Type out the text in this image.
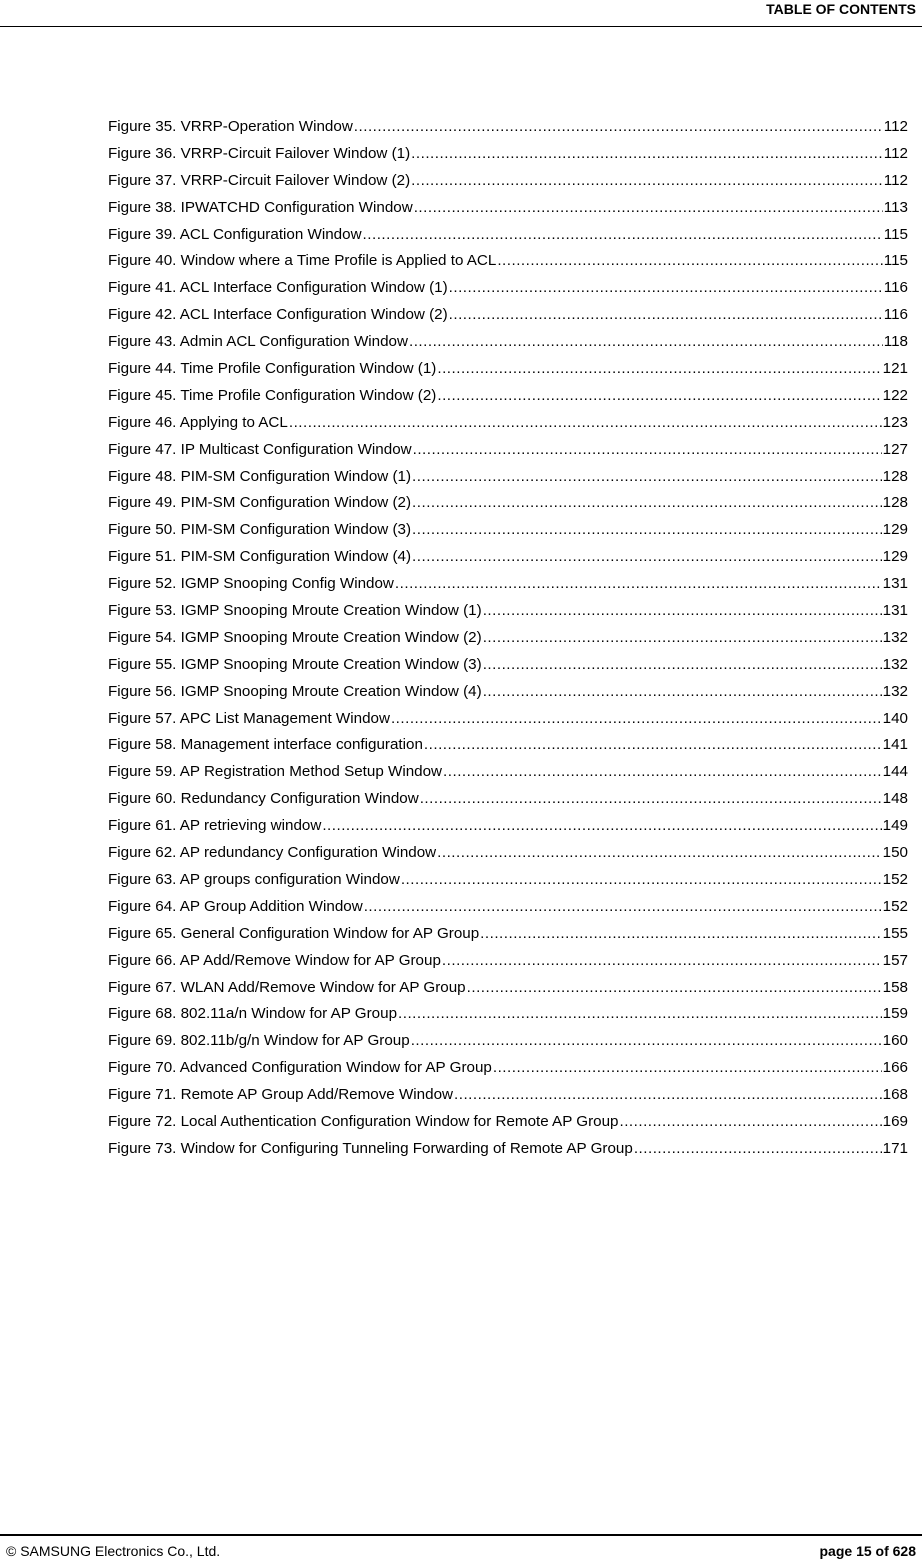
TABLE OF CONTENTS
Figure 35. VRRP-Operation Window .....	112
Figure 36. VRRP-Circuit Failover Window (1) .....	112
Figure 37. VRRP-Circuit Failover Window (2) .....	112
Figure 38. IPWATCHD Configuration Window .....	113
Figure 39. ACL Configuration Window .....	115
Figure 40. Window where a Time Profile is Applied to ACL .....	115
Figure 41. ACL Interface Configuration Window (1) .....	116
Figure 42. ACL Interface Configuration Window (2) .....	116
Figure 43. Admin ACL Configuration Window .....	118
Figure 44. Time Profile Configuration Window (1) .....	121
Figure 45. Time Profile Configuration Window (2) .....	122
Figure 46. Applying to ACL .....	123
Figure 47. IP Multicast Configuration Window .....	127
Figure 48. PIM-SM Configuration Window (1) .....	128
Figure 49. PIM-SM Configuration Window (2) .....	128
Figure 50. PIM-SM Configuration Window (3) .....	129
Figure 51. PIM-SM Configuration Window (4) .....	129
Figure 52. IGMP Snooping Config Window .....	131
Figure 53. IGMP Snooping Mroute Creation Window (1) .....	131
Figure 54. IGMP Snooping Mroute Creation Window (2) .....	132
Figure 55. IGMP Snooping Mroute Creation Window (3) .....	132
Figure 56. IGMP Snooping Mroute Creation Window (4) .....	132
Figure 57. APC List Management Window .....	140
Figure 58. Management interface configuration .....	141
Figure 59. AP Registration Method Setup Window .....	144
Figure 60. Redundancy Configuration Window .....	148
Figure 61. AP retrieving window .....	149
Figure 62. AP redundancy Configuration Window .....	150
Figure 63. AP groups configuration Window .....	152
Figure 64. AP Group Addition Window .....	152
Figure 65. General Configuration Window for AP Group .....	155
Figure 66. AP Add/Remove Window for AP Group .....	157
Figure 67. WLAN Add/Remove Window for AP Group .....	158
Figure 68. 802.11a/n Window for AP Group .....	159
Figure 69. 802.11b/g/n Window for AP Group .....	160
Figure 70. Advanced Configuration Window for AP Group .....	166
Figure 71. Remote AP Group Add/Remove Window .....	168
Figure 72. Local Authentication Configuration Window for Remote AP Group .....	169
Figure 73. Window for Configuring Tunneling Forwarding of Remote AP Group .....	171
© SAMSUNG Electronics Co., Ltd.	page 15 of 628
